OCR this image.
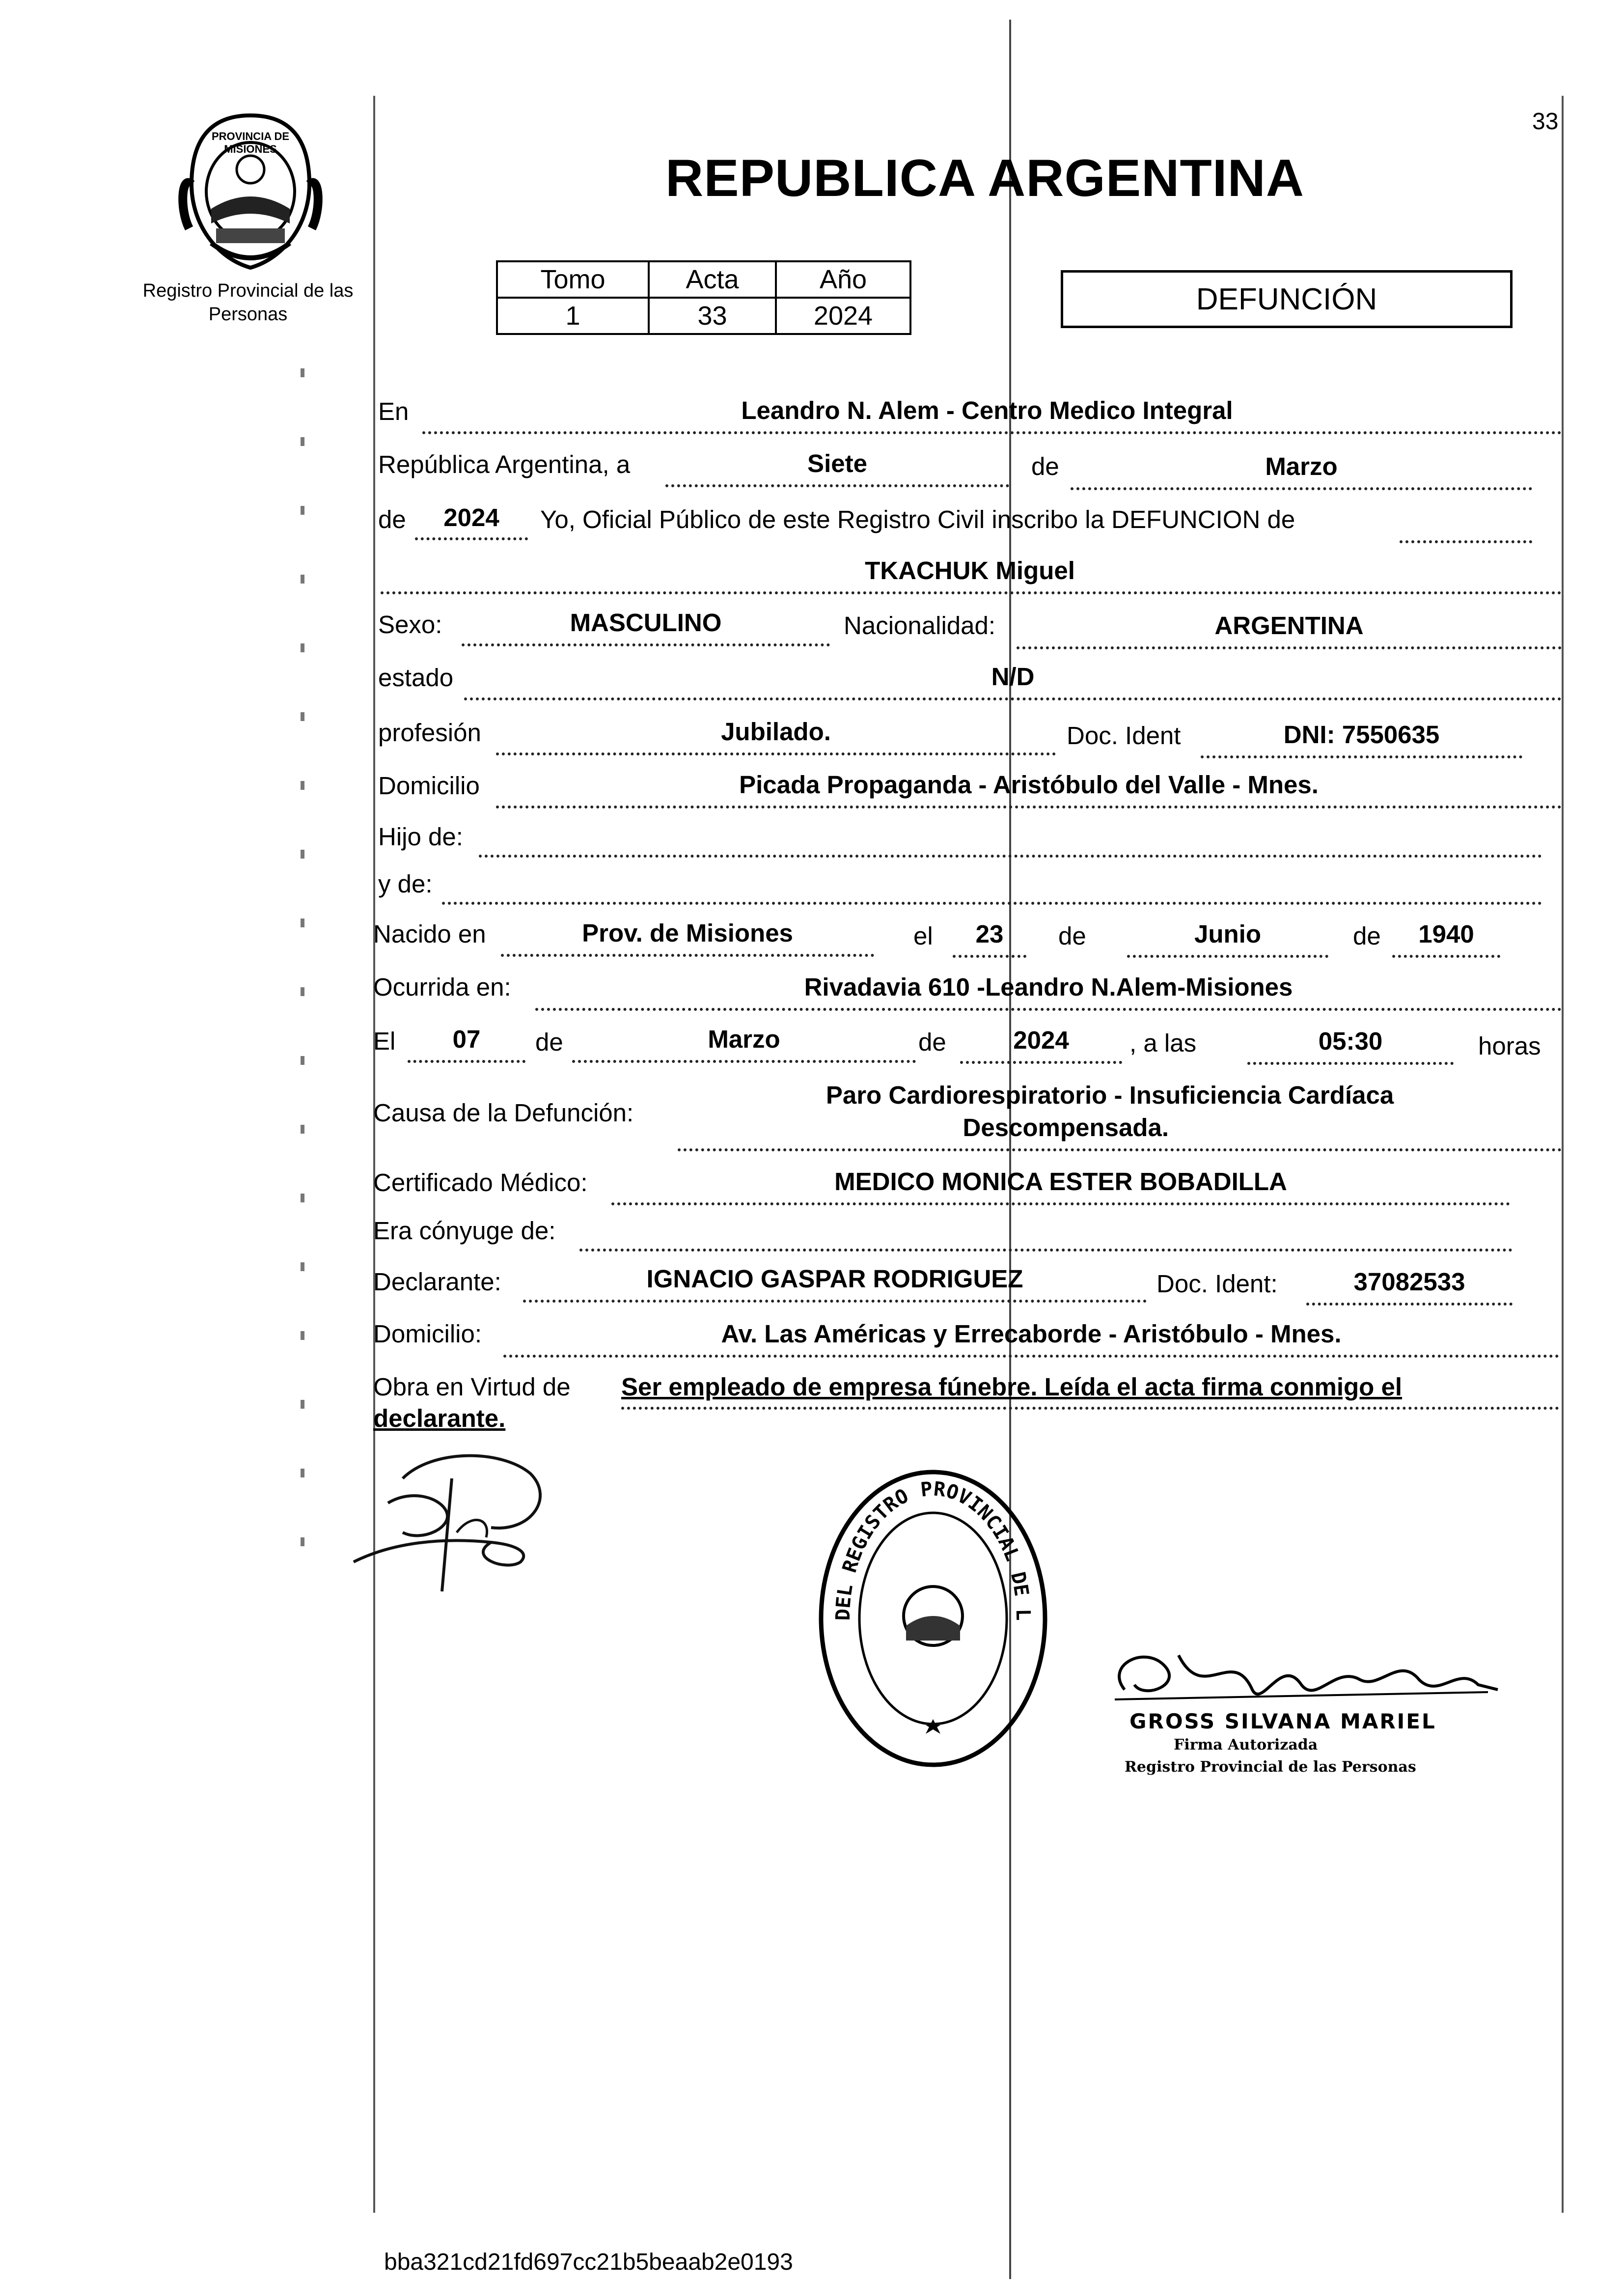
33
PROVINCIA DE MISIONES
Registro Provincial de las Personas
REPUBLICA ARGENTINA
Tomo	Acta	Año
1	33	2024	DEFUNCIÓN
En	Leandro N. Alem - Centro Medico Integral
República Argentina, a	Siete	de	Marzo
de	2024	Yo, Oficial Público de este Registro Civil inscribo la DEFUNCION de
TKACHUK Miguel
Sexo:	MASCULINO	Nacionalidad:	ARGENTINA
estado	N/D
profesión	Jubilado.	Doc. Ident	DNI: 7550635
Domicilio	Picada Propaganda - Aristóbulo del Valle - Mnes.
Hijo de:
y de:
Nacido en	Prov. de Misiones	el	23	de	Junio	de	1940
Ocurrida en:	Rivadavia 610 -Leandro N.Alem-Misiones
El	07	de	Marzo	de	2024	, a las	05:30	horas
Causa de la Defunción:
Paro Cardiorespiratorio - Insuficiencia Cardíaca
Descompensada.
Certificado Médico:	MEDICO MONICA ESTER BOBADILLA
Era cónyuge de:
Declarante:	IGNACIO GASPAR RODRIGUEZ	Doc. Ident:	37082533
Domicilio:	Av. Las Américas y Errecaborde - Aristóbulo - Mnes.
Obra en Virtud de Ser empleado de empresa fúnebre. Leída el acta firma conmigo el
declarante.
DEL REGISTRO PROVINCIAL DE L
GROSS SILVANA MARIEL
Firma Autorizada
Registro Provincial de las Personas
bba321cd21fd697cc21b5beaab2e0193
